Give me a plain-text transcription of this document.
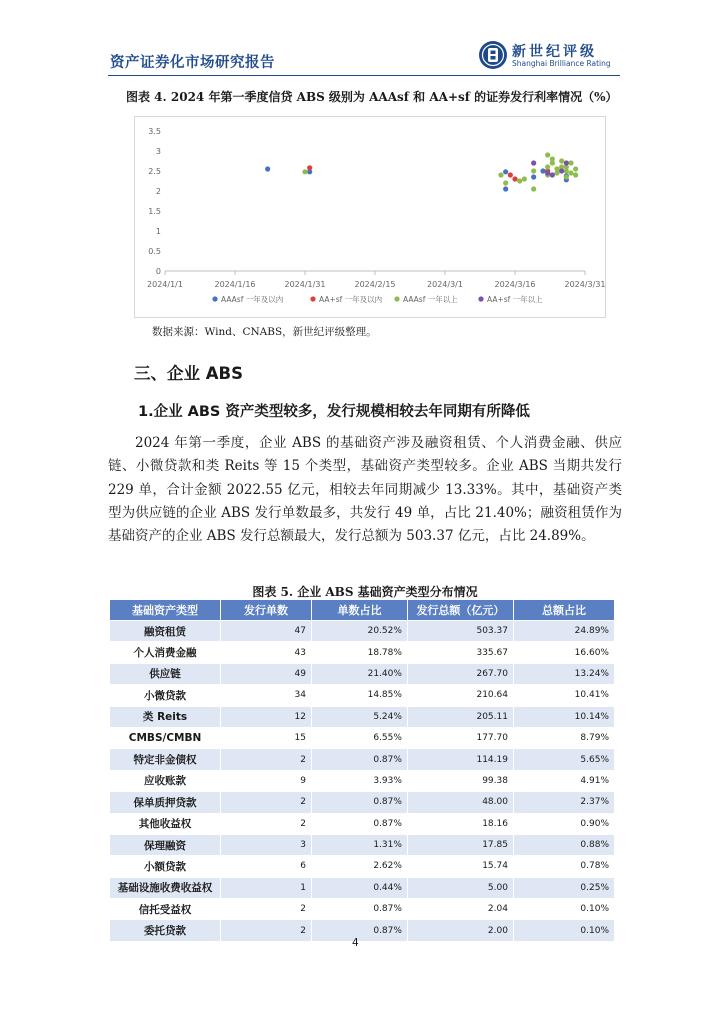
资产证券化市场研究报告
新世纪评级
Shanghai Brilliance Rating
图表 4. 2024 年第一季度信贷 ABS 级别为 AAAsf 和 AA+sf 的证券发行利率情况（%）
0
0.5
1
1.5
2
2.5
3
3.5
2024/1/1	2024/1/16	2024/1/31	2024/2/15	2024/3/1	2024/3/16	2024/3/31
AAAsf 一年及以内	AA+sf 一年及以内	AAAsf 一年以上	AA+sf 一年以上
数据来源：Wind、CNABS，新世纪评级整理。
三、企业 ABS
1.企业 ABS 资产类型较多，发行规模相较去年同期有所降低

2024 年第一季度，企业 ABS 的基础资产涉及融资租赁、个人消费金融、供应链、小微贷款和类 Reits 等 15 个类型，基础资产类型较多。企业 ABS 当期共发行 229 单，合计金额 2022.55 亿元，相较去年同期减少 13.33%。其中，基础资产类型为供应链的企业 ABS 发行单数最多，共发行 49 单，占比 21.40%；融资租赁作为基础资产的企业 ABS 发行总额最大，发行总额为 503.37 亿元，占比 24.89%。

图表 5. 企业 ABS 基础资产类型分布情况
基础资产类型	发行单数	单数占比	发行总额（亿元）	总额占比
融资租赁	47	20.52%	503.37	24.89%
个人消费金融	43	18.78%	335.67	16.60%
供应链	49	21.40%	267.70	13.24%
小微贷款	34	14.85%	210.64	10.41%
类 Reits	12	5.24%	205.11	10.14%
CMBS/CMBN	15	6.55%	177.70	8.79%
特定非金债权	2	0.87%	114.19	5.65%
应收账款	9	3.93%	99.38	4.91%
保单质押贷款	2	0.87%	48.00	2.37%
其他收益权	2	0.87%	18.16	0.90%
保理融资	3	1.31%	17.85	0.88%
小额贷款	6	2.62%	15.74	0.78%
基础设施收费收益权	1	0.44%	5.00	0.25%
信托受益权	2	0.87%	2.04	0.10%
委托贷款	2	0.87%	2.00	0.10%
4
